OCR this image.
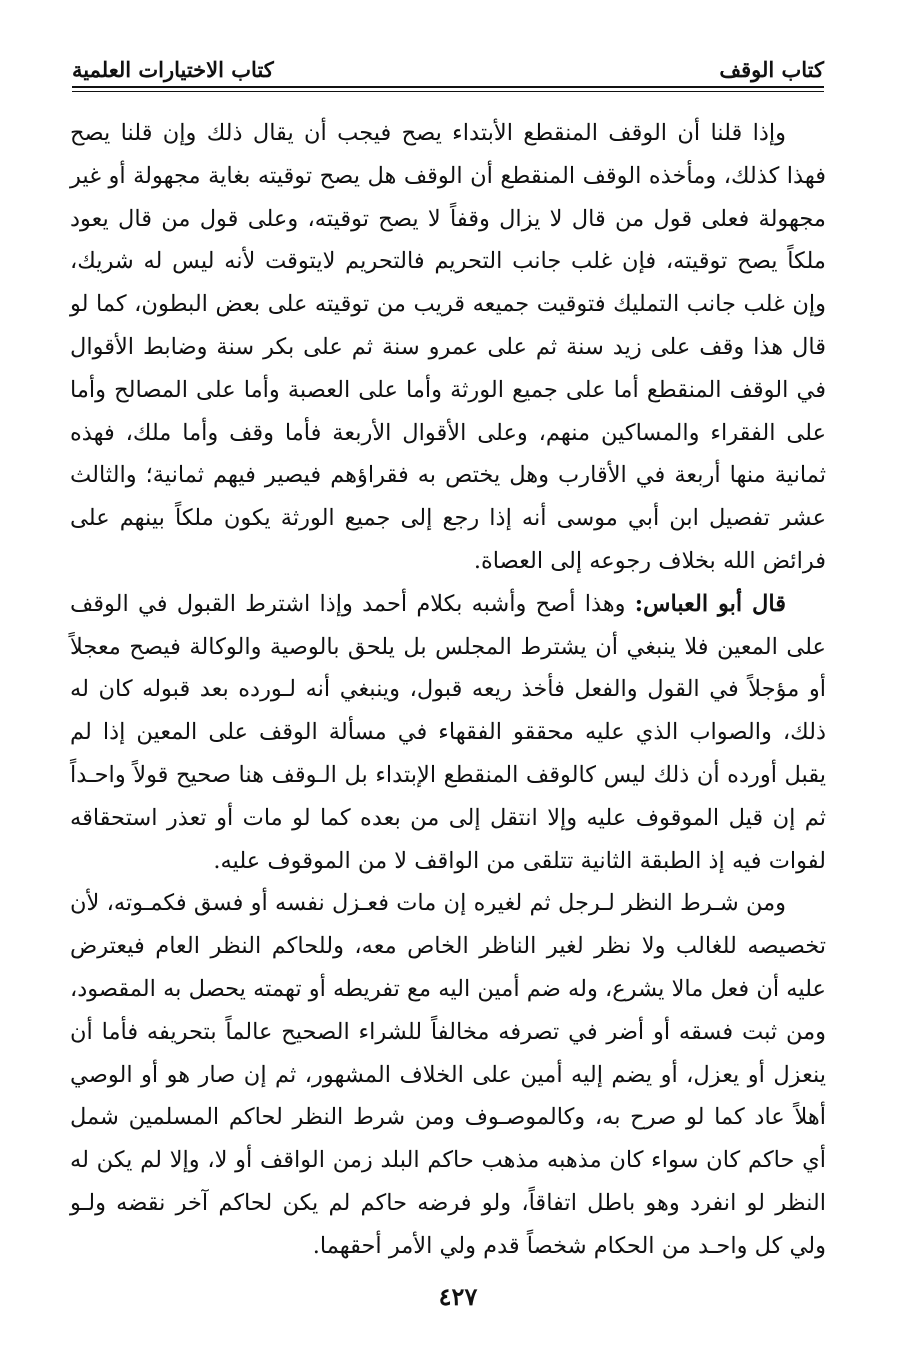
كتاب الوقف
كتاب الاختيارات العلمية

وإذا قلنا أن الوقف المنقطع الأبتداء يصح فيجب أن يقال ذلك وإن قلنا يصح فهذا كذلك، ومأخذه الوقف المنقطع أن الوقف هل يصح توقيته بغاية مجهولة أو غير مجهولة فعلى قول من قال لا يزال وقفاً لا يصح توقيته، وعلى قول من قال يعود ملكاً يصح توقيته، فإن غلب جانب التحريم فالتحريم لايتوقت لأنه ليس له شريك، وإن غلب جانب التمليك فتوقيت جميعه قريب من توقيته على بعض البطون، كما لو قال هذا وقف على زيد سنة ثم على عمرو سنة ثم على بكر سنة وضابط الأقوال في الوقف المنقطع أما على جميع الورثة وأما على العصبة وأما على المصالح وأما على الفقراء والمساكين منهم، وعلى الأقوال الأربعة فأما وقف وأما ملك، فهذه ثمانية منها أربعة في الأقارب وهل يختص به فقراؤهم فيصير فيهم ثمانية؛ والثالث عشر تفصيل ابن أبي موسى أنه إذا رجع إلى جميع الورثة يكون ملكاً بينهم على فرائض الله بخلاف رجوعه إلى العصاة.

قال أبو العباس: وهذا أصح وأشبه بكلام أحمد وإذا اشترط القبول في الوقف على المعين فلا ينبغي أن يشترط المجلس بل يلحق بالوصية والوكالة فيصح معجلاً أو مؤجلاً في القول والفعل فأخذ ريعه قبول، وينبغي أنه لـورده بعد قبوله كان له ذلك، والصواب الذي عليه محققو الفقهاء في مسألة الوقف على المعين إذا لم يقبل أورده أن ذلك ليس كالوقف المنقطع الإبتداء بل الـوقف هنا صحيح قولاً واحـداً ثم إن قيل الموقوف عليه وإلا انتقل إلى من بعده كما لو مات أو تعذر استحقاقه لفوات فيه إذ الطبقة الثانية تتلقى من الواقف لا من الموقوف عليه.

ومن شـرط النظر لـرجل ثم لغيره إن مات فعـزل نفسه أو فسق فكمـوته، لأن تخصيصه للغالب ولا نظر لغير الناظر الخاص معه، وللحاكم النظر العام فيعترض عليه أن فعل مالا يشرع، وله ضم أمين اليه مع تفريطه أو تهمته يحصل به المقصود، ومن ثبت فسقه أو أضر في تصرفه مخالفاً للشراء الصحيح عالماً بتحريفه فأما أن ينعزل أو يعزل، أو يضم إليه أمين على الخلاف المشهور، ثم إن صار هو أو الوصي أهلاً عاد كما لو صرح به، وكالموصـوف ومن شرط النظر لحاكم المسلمين شمل أي حاكم كان سواء كان مذهبه مذهب حاكم البلد زمن الواقف أو لا، وإلا لم يكن له النظر لو انفرد وهو باطل اتفاقاً، ولو فرضه حاكم لم يكن لحاكم آخر نقضه ولـو ولي كل واحـد من الحكام شخصاً قدم ولي الأمر أحقهما.

٤٢٧
